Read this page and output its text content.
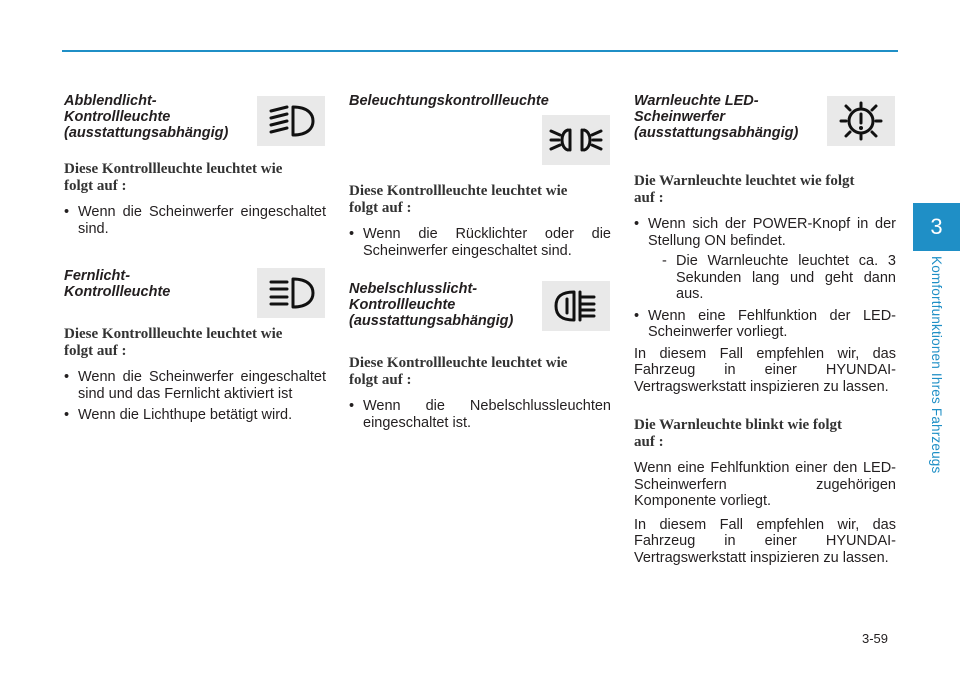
3
Komfortfunktionen Ihres Fahrzeugs

Abblendlicht-
Kontrollleuchte
(ausstattungsabhängig)

Diese Kontrollleuchte leuchtet wie
folgt auf :

• Wenn die Scheinwerfer eingeschaltet sind.

Fernlicht-
Kontrollleuchte

Diese Kontrollleuchte leuchtet wie
folgt auf :

• Wenn die Scheinwerfer eingeschaltet sind und das Fernlicht aktiviert ist
• Wenn die Lichthupe betätigt wird.

Beleuchtungskontrollleuchte

Diese Kontrollleuchte leuchtet wie
folgt auf :

• Wenn die Rücklichter oder die Scheinwerfer eingeschaltet sind.

Nebelschlusslicht-
Kontrollleuchte
(ausstattungsabhängig)

Diese Kontrollleuchte leuchtet wie
folgt auf :

• Wenn die Nebelschlussleuchten eingeschaltet ist.

Warnleuchte LED-
Scheinwerfer
(ausstattungsabhängig)

Die Warnleuchte leuchtet wie folgt
auf :

• Wenn sich der POWER-Knopf in der Stellung ON befindet.
- Die Warnleuchte leuchtet ca. 3 Sekunden lang und geht dann aus.
• Wenn eine Fehlfunktion der LED-Scheinwerfer vorliegt.

In diesem Fall empfehlen wir, das Fahrzeug in einer HYUNDAI-Vertragswerkstatt inspizieren zu lassen.

Die Warnleuchte blinkt wie folgt
auf :

Wenn eine Fehlfunktion einer den LED-Scheinwerfern zugehörigen Komponente vorliegt.

In diesem Fall empfehlen wir, das Fahrzeug in einer HYUNDAI-Vertragswerkstatt inspizieren zu lassen.

3-59
